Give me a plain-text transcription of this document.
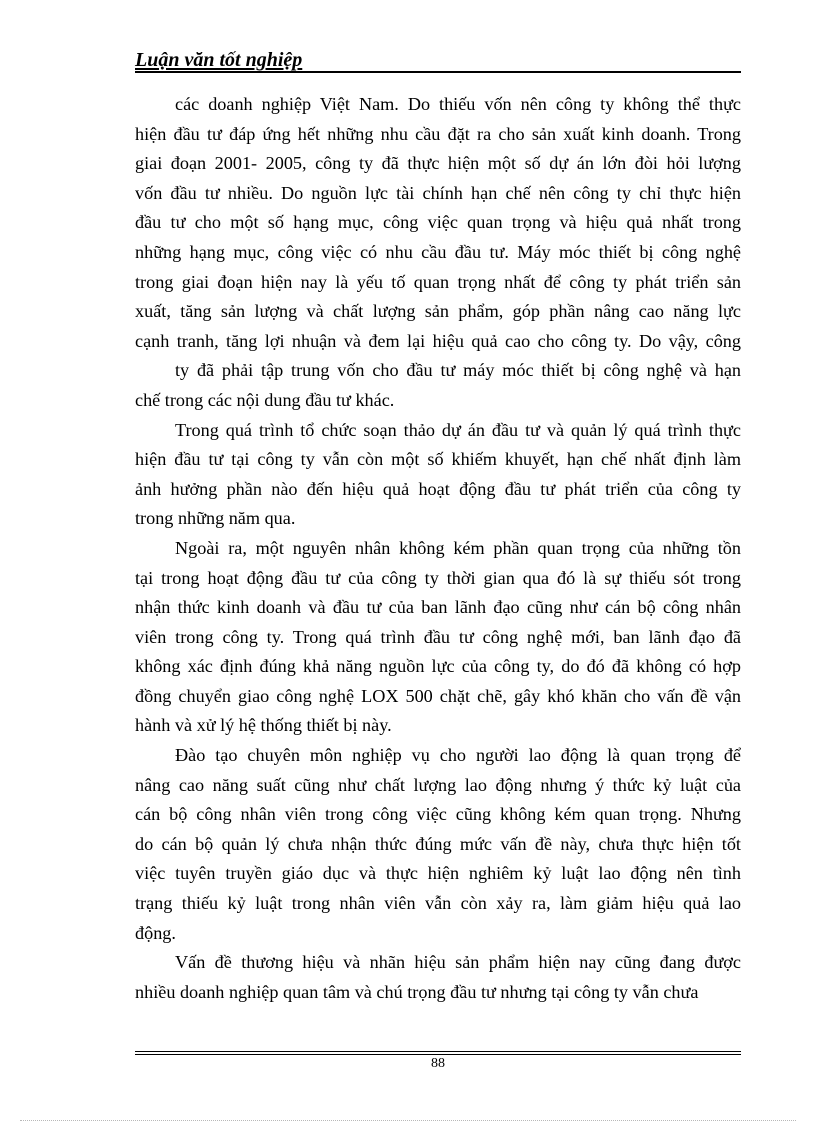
Luận văn tốt nghiệp
các doanh nghiệp Việt Nam. Do thiếu vốn nên công ty không thể thực
hiện đầu tư đáp ứng hết những nhu cầu đặt ra cho sản xuất kinh doanh. Trong
giai đoạn 2001- 2005, công ty đã thực hiện một số dự án lớn đòi hỏi lượng
vốn đầu tư nhiều. Do nguồn lực tài chính hạn chế nên công ty chỉ thực hiện
đầu tư cho một số hạng mục, công việc quan trọng và hiệu quả nhất trong
những hạng mục, công việc có nhu cầu đầu tư. Máy móc thiết bị công nghệ
trong giai đoạn hiện nay là yếu tố quan trọng nhất để công ty phát triển sản
xuất, tăng sản lượng và chất lượng sản phẩm, góp phần nâng cao năng lực
cạnh tranh, tăng lợi nhuận và đem lại hiệu quả cao cho công ty. Do vậy, công
ty đã phải tập trung vốn cho đầu tư máy móc thiết bị công nghệ và hạn
chế trong các nội dung đầu tư khác.
Trong quá trình tổ chức soạn thảo dự án đầu tư và quản lý quá trình thực
hiện đầu tư tại công ty vẫn còn một số khiếm khuyết, hạn chế nhất định làm
ảnh hưởng phần nào đến hiệu quả hoạt động đầu tư phát triển của công ty
trong những năm qua.
Ngoài ra, một nguyên nhân không kém phần quan trọng của những tồn
tại trong hoạt động đầu tư của công ty thời gian qua đó là sự thiếu sót trong
nhận thức kinh doanh và đầu tư của ban lãnh đạo cũng như cán bộ công nhân
viên trong công ty. Trong quá trình đầu tư công nghệ mới, ban lãnh đạo đã
không xác định đúng khả năng nguồn lực của công ty, do đó đã không có hợp
đồng chuyển giao công nghệ LOX 500 chặt chẽ, gây khó khăn cho vấn đề vận
hành và xử lý hệ thống thiết bị này.
Đào tạo chuyên môn nghiệp vụ cho người lao động là quan trọng để
nâng cao năng suất cũng như chất lượng lao động nhưng ý thức kỷ luật của
cán bộ công nhân viên trong công việc cũng không kém quan trọng. Nhưng
do cán bộ quản lý chưa nhận thức đúng mức vấn đề này, chưa thực hiện tốt
việc tuyên truyền giáo dục và thực hiện nghiêm kỷ luật lao động nên tình
trạng thiếu kỷ luật trong nhân viên vẫn còn xảy ra, làm giảm hiệu quả lao
động.
Vấn đề thương hiệu và nhãn hiệu sản phẩm hiện nay cũng đang được
nhiều doanh nghiệp quan tâm và chú trọng đầu tư nhưng tại công ty vẫn chưa
88
